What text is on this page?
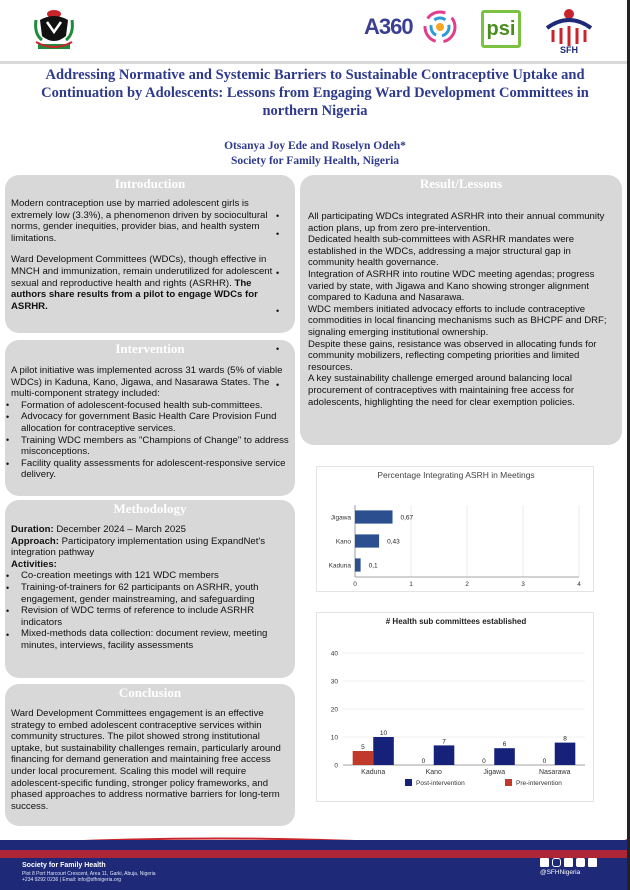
A360	psi
SFH
Addressing Normative and Systemic Barriers to Sustainable Contraceptive Uptake and Continuation by Adolescents: Lessons from Engaging Ward Development Committees in northern Nigeria
Otsanya Joy Ede and Roselyn Odeh*
Society for Family Health, Nigeria
Introduction

Modern contraception use by married adolescent girls is extremely low (3.3%), a phenomenon driven by sociocultural norms, gender inequities, provider bias, and health system limitations.

Ward Development Committees (WDCs), though effective in MNCH and immunization, remain underutilized for adolescent sexual and reproductive health and rights (ASRHR). The authors share results from a pilot to engage WDCs for ASRHR.

Intervention
A pilot initiative was implemented across 31 wards (5% of viable WDCs) in Kaduna, Kano, Jigawa, and Nasarawa States. The multi-component strategy included:
Formation of adolescent-focused health sub-committees.
Advocacy for government Basic Health Care Provision Fund allocation for contraceptive services.
Training WDC members as "Champions of Change" to address misconceptions.
Facility quality assessments for adolescent-responsive service delivery.
•
•
•
•
Methodology
Duration: December 2024 – March 2025
Approach: Participatory implementation using ExpandNet's integration pathway
Activities:
Co-creation meetings with 121 WDC members
Training-of-trainers for 62 participants on ASRHR, youth engagement, gender mainstreaming, and safeguarding
Revision of WDC terms of reference to include ASRHR indicators
Mixed-methods data collection: document review, meeting minutes, interviews, facility assessments
•
•
•
•
Conclusion
Ward Development Committees engagement is an effective strategy to embed adolescent contraceptive services within community structures. The pilot showed strong institutional uptake, but sustainability challenges remain, particularly around financing for demand generation and maintaining free access under local procurement. Scaling this model will require adolescent-specific funding, stronger policy frameworks, and phased approaches to address normative barriers for long-term success.
Result/Lessons
All participating WDCs integrated ASRHR into their annual community action plans, up from zero pre-intervention.
Dedicated health sub-committees with ASRHR mandates were established in the WDCs, addressing a major structural gap in community health governance.
Integration of ASRHR into routine WDC meeting agendas; progress varied by state, with Jigawa and Kano showing stronger alignment compared to Kaduna and Nasarawa.
WDC members initiated advocacy efforts to include contraceptive commodities in local financing mechanisms such as BHCPF and DRF; signaling emerging institutional ownership.
Despite these gains, resistance was observed in allocating funds for community mobilizers, reflecting competing priorities and limited resources.
A key sustainability challenge emerged around balancing local procurement of contraceptives with maintaining free access for adolescents, highlighting the need for clear exemption policies.
•
•
•
•
•
•
Percentage Integrating ASRH in Meetings
0	1	2	3	4
Jigawa	0,67
Kano	0,43
Kaduna	0,1
# Health sub committees established
0
10
20
30
40
5
10
Kaduna
0
7
Kano
0
6
Jigawa
0
8
Nasarawa
Post-intervention	Pre-intervention
Society for Family Health
Plot 8 Port Harcourt Crescent, Area 11, Garki, Abuja, Nigeria
+234 9292 0236 | Email: info@sfhnigeria.org
@SFHNigeria
